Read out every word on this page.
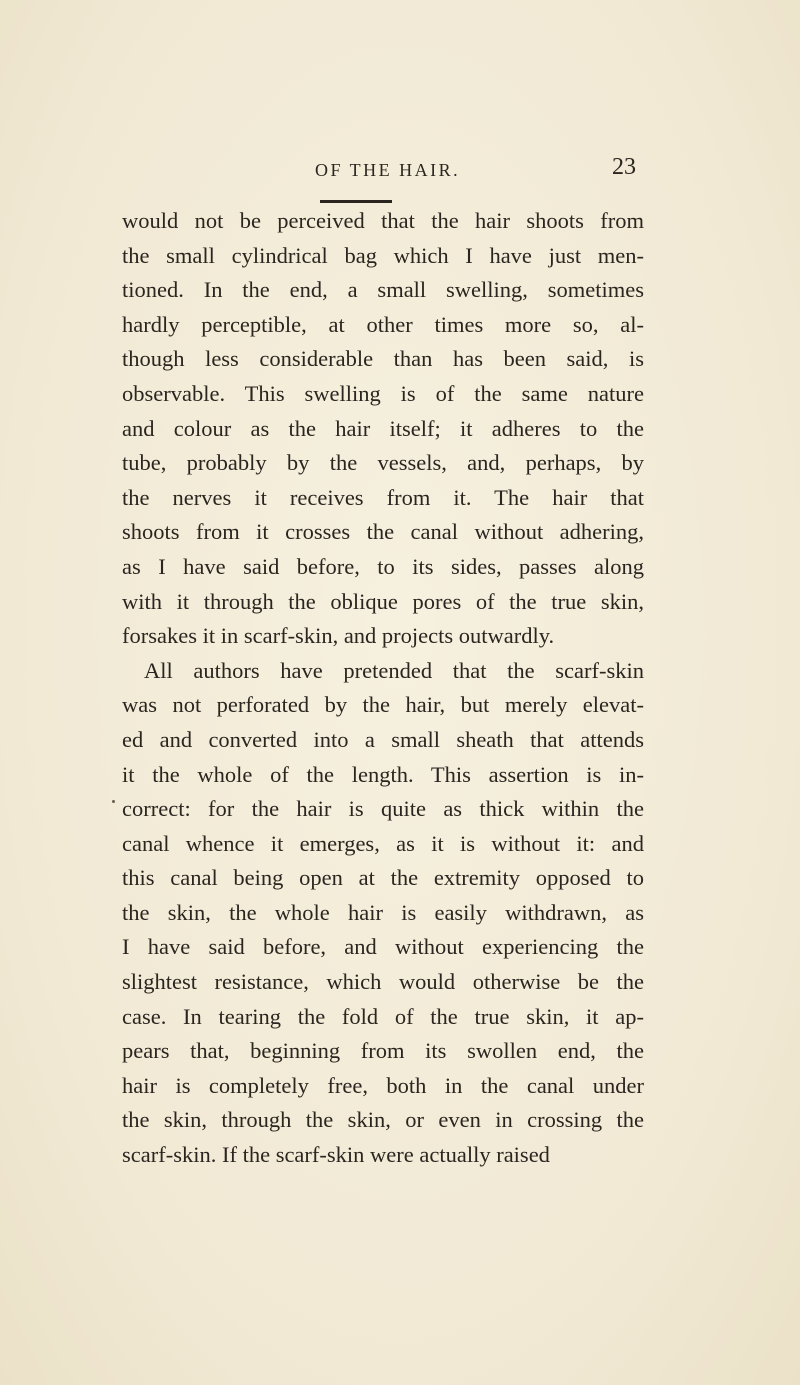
OF THE HAIR.	23
would not be perceived that the hair shoots from
the small cylindrical bag which I have just men-
tioned. In the end, a small swelling, sometimes
hardly perceptible, at other times more so, al-
though less considerable than has been said, is
observable. This swelling is of the same nature
and colour as the hair itself; it adheres to the
tube, probably by the vessels, and, perhaps, by
the nerves it receives from it. The hair that
shoots from it crosses the canal without adhering,
as I have said before, to its sides, passes along
with it through the oblique pores of the true skin,
forsakes it in scarf-skin, and projects outwardly.
All authors have pretended that the scarf-skin
was not perforated by the hair, but merely elevat-
ed and converted into a small sheath that attends
it the whole of the length. This assertion is in-
correct: for the hair is quite as thick within the
canal whence it emerges, as it is without it: and
this canal being open at the extremity opposed to
the skin, the whole hair is easily withdrawn, as
I have said before, and without experiencing the
slightest resistance, which would otherwise be the
case. In tearing the fold of the true skin, it ap-
pears that, beginning from its swollen end, the
hair is completely free, both in the canal under
the skin, through the skin, or even in crossing the
scarf-skin. If the scarf-skin were actually raised
